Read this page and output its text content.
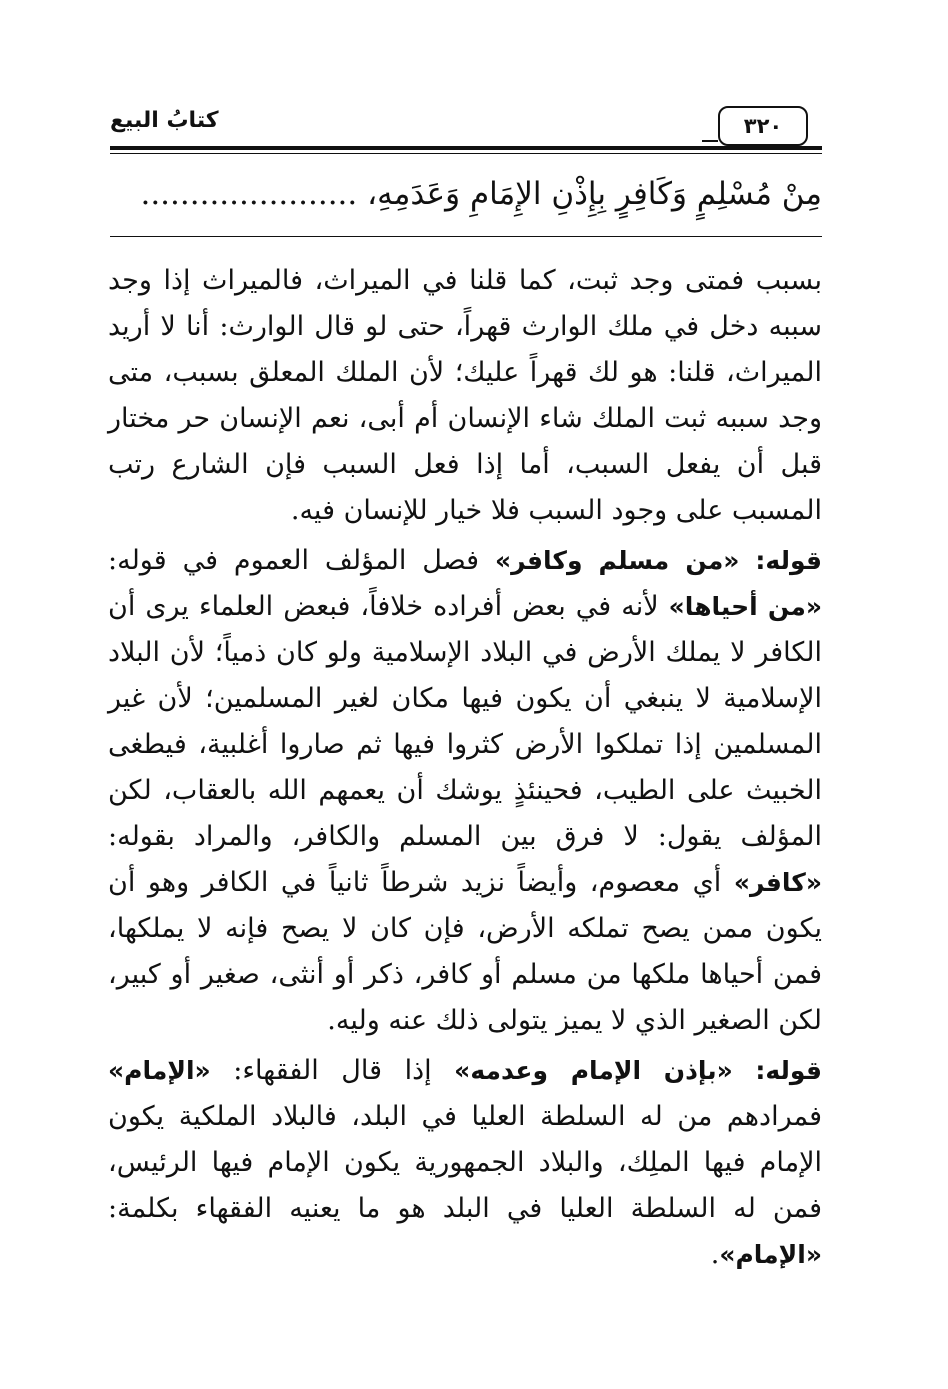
كتابُ البيع	٣٢٠
مِنْ مُسْلِمٍ وَكَافِرٍ بِإِذْنِ الإِمَامِ وَعَدَمِهِ، ......................

بسبب فمتى وجد ثبت، كما قلنا في الميراث، فالميراث إذا وجد سببه دخل في ملك الوارث قهراً، حتى لو قال الوارث: أنا لا أريد الميراث، قلنا: هو لك قهراً عليك؛ لأن الملك المعلق بسبب، متى وجد سببه ثبت الملك شاء الإنسان أم أبى، نعم الإنسان حر مختار قبل أن يفعل السبب، أما إذا فعل السبب فإن الشارع رتب المسبب على وجود السبب فلا خيار للإنسان فيه.

قوله: «من مسلم وكافر» فصل المؤلف العموم في قوله: «من أحياها» لأنه في بعض أفراده خلافاً، فبعض العلماء يرى أن الكافر لا يملك الأرض في البلاد الإسلامية ولو كان ذمياً؛ لأن البلاد الإسلامية لا ينبغي أن يكون فيها مكان لغير المسلمين؛ لأن غير المسلمين إذا تملكوا الأرض كثروا فيها ثم صاروا أغلبية، فيطغى الخبيث على الطيب، فحينئذٍ يوشك أن يعمهم الله بالعقاب، لكن المؤلف يقول: لا فرق بين المسلم والكافر، والمراد بقوله: «كافر» أي معصوم، وأيضاً نزيد شرطاً ثانياً في الكافر وهو أن يكون ممن يصح تملكه الأرض، فإن كان لا يصح فإنه لا يملكها، فمن أحياها ملكها من مسلم أو كافر، ذكر أو أنثى، صغير أو كبير، لكن الصغير الذي لا يميز يتولى ذلك عنه وليه.

قوله: «بإذن الإمام وعدمه» إذا قال الفقهاء: «الإمام» فمرادهم من له السلطة العليا في البلد، فالبلاد الملكية يكون الإمام فيها الملِك، والبلاد الجمهورية يكون الإمام فيها الرئيس، فمن له السلطة العليا في البلد هو ما يعنيه الفقهاء بكلمة: «الإمام».
